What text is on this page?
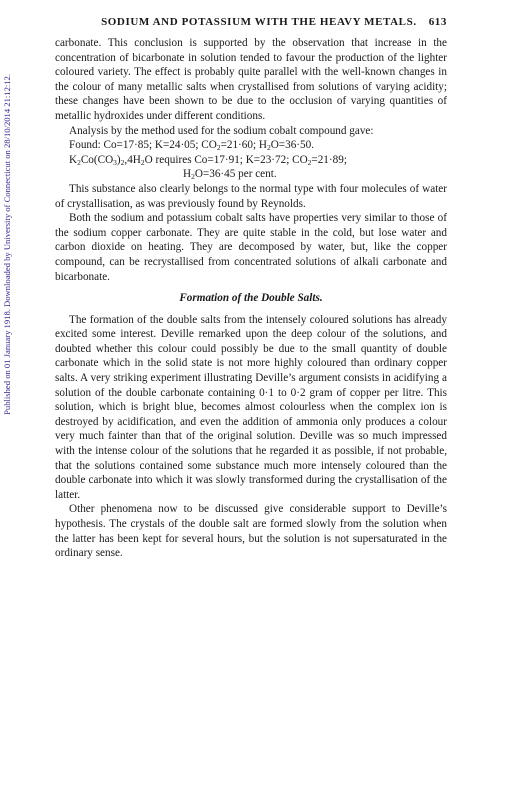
Published on 01 January 1918. Downloaded by University of Connecticut on 28/10/2014 21:12:12.
SODIUM AND POTASSIUM WITH THE HEAVY METALS. 613

carbonate. This conclusion is supported by the observation that increase in the concentration of bicarbonate in solution tended to favour the production of the lighter coloured variety. The effect is probably quite parallel with the well-known changes in the colour of many metallic salts when crystallised from solutions of varying acidity; these changes have been shown to be due to the occlusion of varying quantities of metallic hydroxides under different conditions.

Analysis by the method used for the sodium cobalt compound gave:

Found: Co=17·85; K=24·05; $CO_2=21\cdot 60$; $H_2O=36\cdot 50$.

$K_2Co(CO_3)_2,4H_2O$ requires Co=17·91; K=23·72; $CO_2=21\cdot 89$;

$H_2O=36\cdot 45$ per cent.

This substance also clearly belongs to the normal type with four molecules of water of crystallisation, as was previously found by Reynolds.

Both the sodium and potassium cobalt salts have properties very similar to those of the sodium copper carbonate. They are quite stable in the cold, but lose water and carbon dioxide on heating. They are decomposed by water, but, like the copper compound, can be recrystallised from concentrated solutions of alkali carbonate and bicarbonate.

Formation of the Double Salts.

The formation of the double salts from the intensely coloured solutions has already excited some interest. Deville remarked upon the deep colour of the solutions, and doubted whether this colour could possibly be due to the small quantity of double carbonate which in the solid state is not more highly coloured than ordinary copper salts. A very striking experiment illustrating Deville’s argument consists in acidifying a solution of the double carbonate containing 0·1 to 0·2 gram of copper per litre. This solution, which is bright blue, becomes almost colourless when the complex ion is destroyed by acidification, and even the addition of ammonia only produces a colour very much fainter than that of the original solution. Deville was so much impressed with the intense colour of the solutions that he regarded it as possible, if not probable, that the solutions contained some substance much more intensely coloured than the double carbonate into which it was slowly transformed during the crystallisation of the latter.

Other phenomena now to be discussed give considerable support to Deville’s hypothesis. The crystals of the double salt are formed slowly from the solution when the latter has been kept for several hours, but the solution is not supersaturated in the ordinary sense.
